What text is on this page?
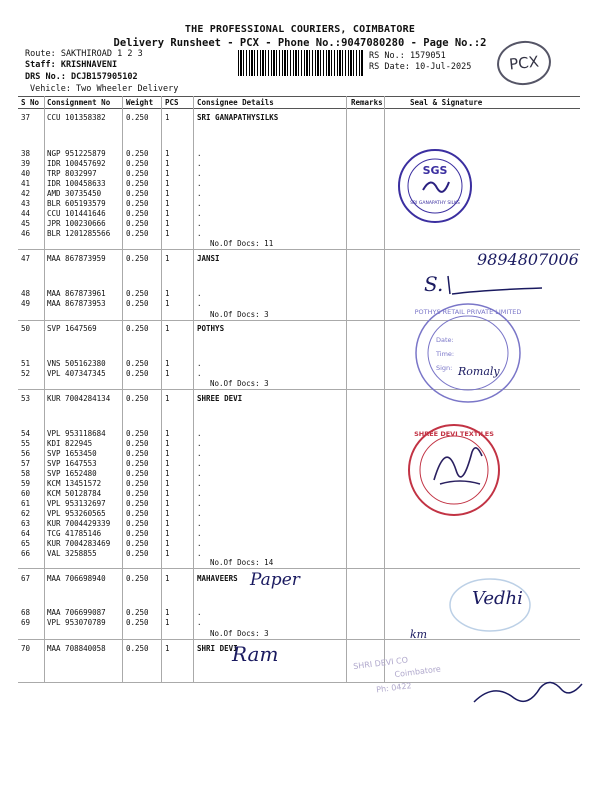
THE PROFESSIONAL COURIERS, COIMBATORE
Delivery Runsheet - PCX - Phone No.:9047080280 - Page No.:2
Route: SAKTHIROAD 1 2 3
Staff: KRISHNAVENI
DRS No.: DCJB157905102
Vehicle: Two Wheeler Delivery
RS No.: 1579051
RS Date: 10-Jul-2025	PCX
S No Consignment No Weight PCS Consignee Details	Remarks	Seal & Signature
37 CCU 101358382	0.250 1	SRI GANAPATHYSILKS
38 NGP 951225879	0.250 1	.
39 IDR 100457692	0.250 1	.
40 TRP 8032997	0.250 1	.
41 IDR 100458633	0.250 1	.
42 AMD 30735450	0.250 1	.
43 BLR 605193579	0.250 1	.
44 CCU 101441646	0.250 1	.
45 JPR 100230666	0.250 1	.
46 BLR 1201285566 0.250 1	.
47 MAA 867873959	0.250 1	JANSI
48 MAA 867873961	0.250 1	.
49 MAA 867873953	0.250 1	.
50 SVP 1647569	0.250 1	POTHYS
51 VNS 505162380	0.250 1	.
52 VPL 407347345	0.250 1	.
53 KUR 7004284134 0.250 1	SHREE DEVI
54 VPL 953118684	0.250 1	.
55 KDI 822945	0.250 1	.
56 SVP 1653450	0.250 1	.
57 SVP 1647553	0.250 1	.
58 SVP 1652480	0.250 1	.
59 KCM 13451572	0.250 1	.
60 KCM 50128784	0.250 1	.
61 VPL 953132697	0.250 1	.
62 VPL 953260565	0.250 1	.
63 KUR 7004429339 0.250 1	.
64 TCG 41785146	0.250 1	.
65 KUR 7004283469 0.250 1	.
66 VAL 3258855	0.250 1	.
67 MAA 706698940	0.250 1	MAHAVEERS
68 MAA 706699087	0.250 1	.
69 VPL 953070789	0.250 1	.
70 MAA 708840058	0.250 1	SHRI DEVI
No.Of Docs: 11
No.Of Docs: 3
No.Of Docs: 3
No.Of Docs: 14
No.Of Docs: 3
SGS
SRI GANAPATHY SILKS
9894807006
S.
POTHYS RETAIL PRIVATE LIMITED
Date:
Time:
Sign: Romaly
SHREE DEVI TEXTILES
Paper
Vedhi
Ram
km
SHRI DEVI CO
Coimbatore
Ph: 0422
